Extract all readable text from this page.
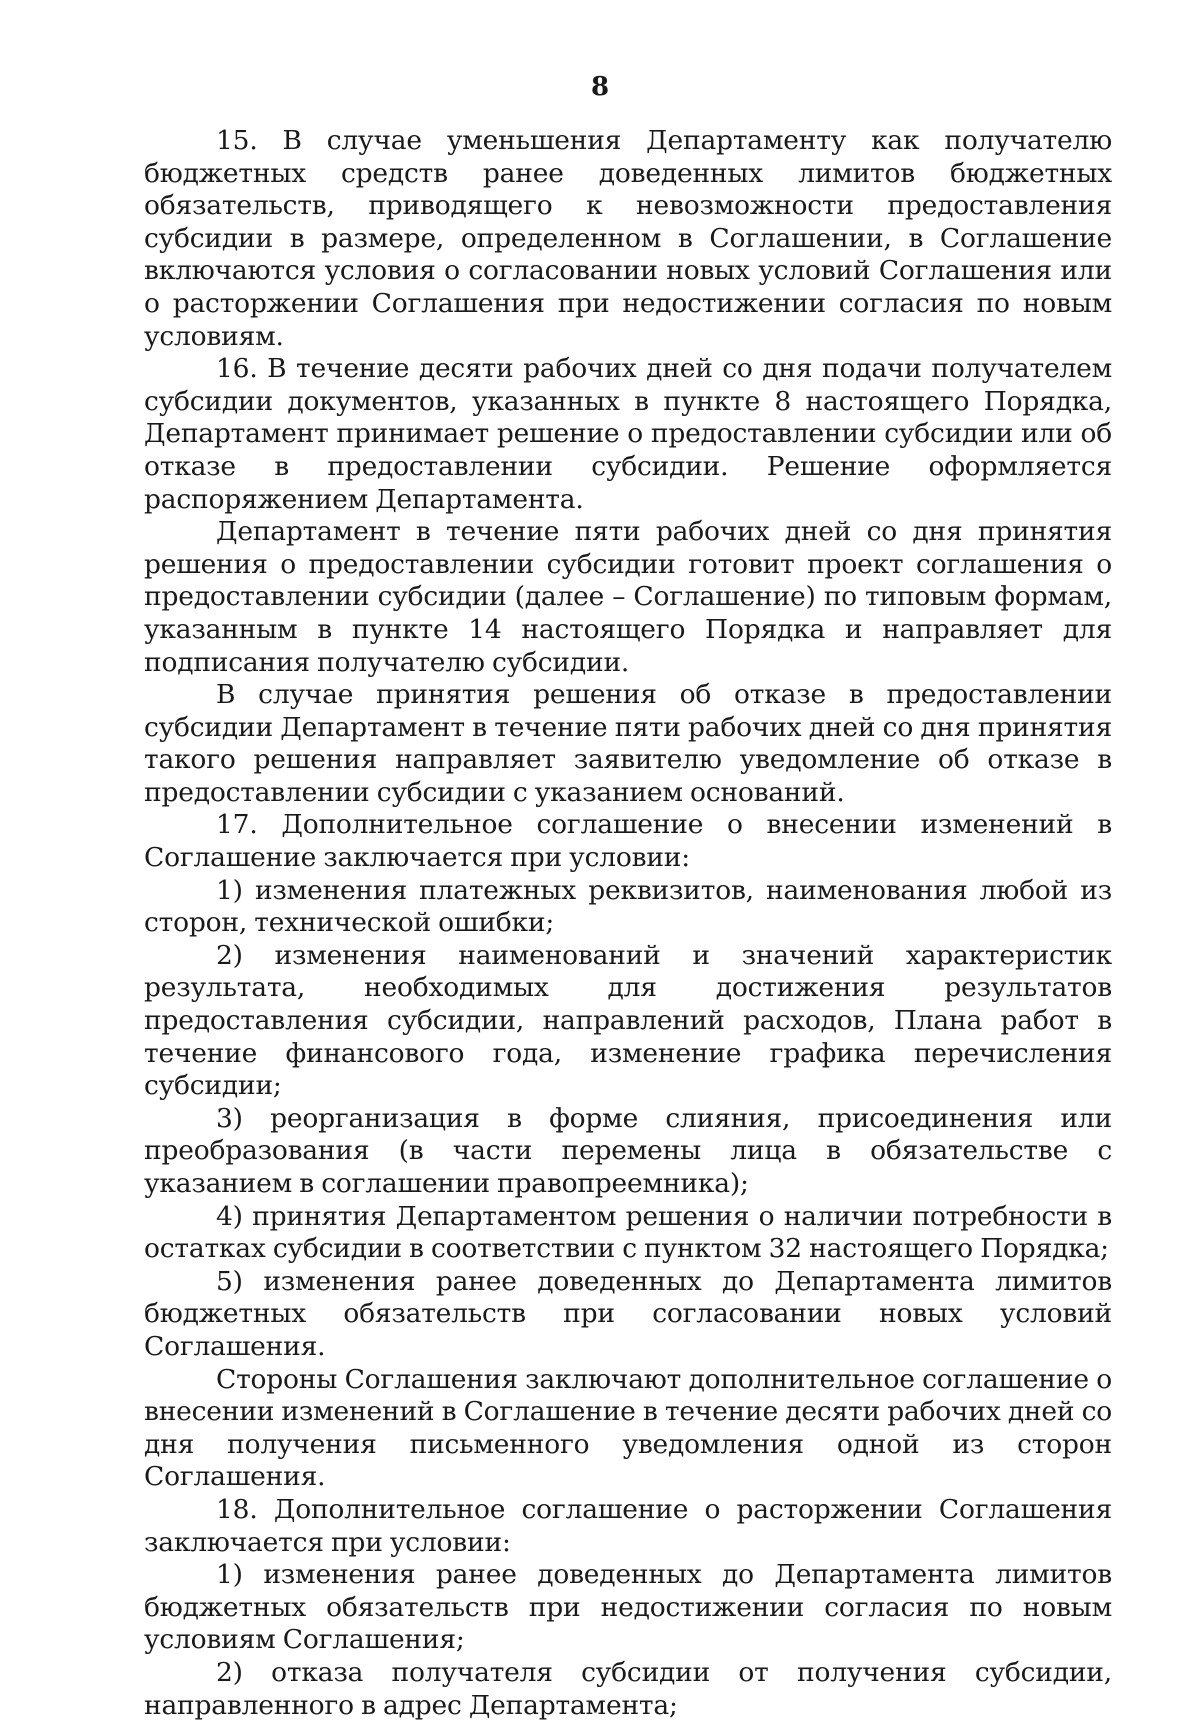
8

15. В случае уменьшения Департаменту как получателю бюджетных средств ранее доведенных лимитов бюджетных обязательств, приводящего к невозможности предоставления субсидии в размере, определенном в Соглашении, в Соглашение включаются условия о согласовании новых условий Соглашения или о расторжении Соглашения при недостижении согласия по новым условиям.

16. В течение десяти рабочих дней со дня подачи получателем субсидии документов, указанных в пункте 8 настоящего Порядка, Департамент принимает решение о предоставлении субсидии или об отказе в предоставлении субсидии. Решение оформляется распоряжением Департамента.

Департамент в течение пяти рабочих дней со дня принятия решения о предоставлении субсидии готовит проект соглашения о предоставлении субсидии (далее – Соглашение) по типовым формам, указанным в пункте 14 настоящего Порядка и направляет для подписания получателю субсидии.

В случае принятия решения об отказе в предоставлении субсидии Департамент в течение пяти рабочих дней со дня принятия такого решения направляет заявителю уведомление об отказе в предоставлении субсидии с указанием оснований.

17. Дополнительное соглашение о внесении изменений в Соглашение заключается при условии:

1) изменения платежных реквизитов, наименования любой из сторон, технической ошибки;

2) изменения наименований и значений характеристик результата, необходимых для достижения результатов предоставления субсидии, направлений расходов, Плана работ в течение финансового года, изменение графика перечисления субсидии;

3) реорганизация в форме слияния, присоединения или преобразования (в части перемены лица в обязательстве с указанием в соглашении правопреемника);

4) принятия Департаментом решения о наличии потребности в остатках субсидии в соответствии с пунктом 32 настоящего Порядка;

5) изменения ранее доведенных до Департамента лимитов бюджетных обязательств при согласовании новых условий Соглашения.

Стороны Соглашения заключают дополнительное соглашение о внесении изменений в Соглашение в течение десяти рабочих дней со дня получения письменного уведомления одной из сторон Соглашения.

18. Дополнительное соглашение о расторжении Соглашения заключается при условии:

1) изменения ранее доведенных до Департамента лимитов бюджетных обязательств при недостижении согласия по новым условиям Соглашения;

2) отказа получателя субсидии от получения субсидии, направленного в адрес Департамента;
